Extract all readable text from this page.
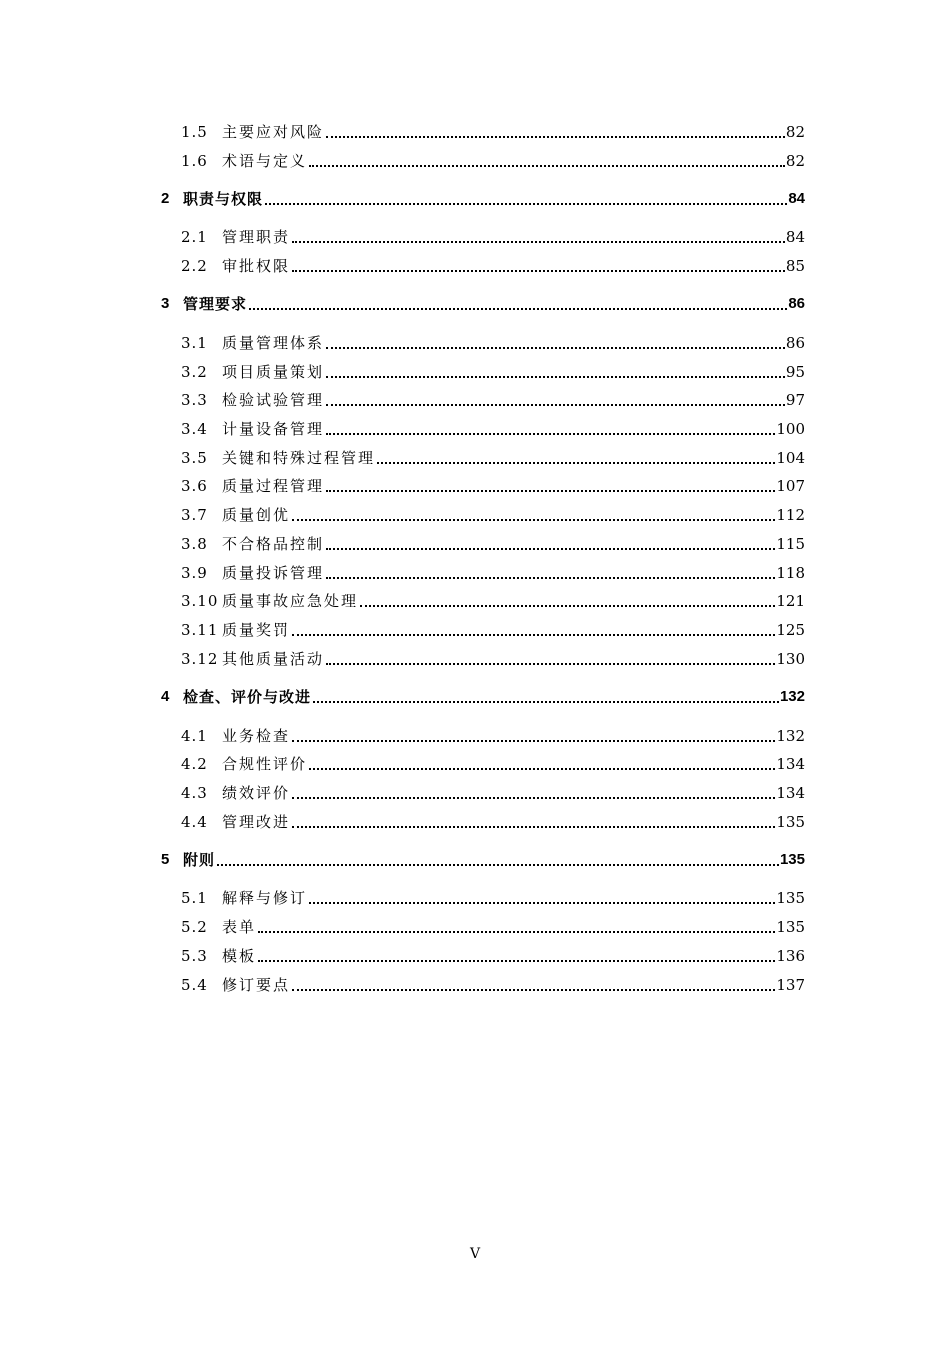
1.5 主要应对风险	82
1.6 术语与定义	82
2 职责与权限	84
2.1 管理职责	84
2.2 审批权限	85
3 管理要求	86
3.1 质量管理体系	86
3.2 项目质量策划	95
3.3 检验试验管理	97
3.4 计量设备管理	100
3.5 关键和特殊过程管理	104
3.6 质量过程管理	107
3.7 质量创优	112
3.8 不合格品控制	115
3.9 质量投诉管理	118
3.10 质量事故应急处理	121
3.11 质量奖罚	125
3.12 其他质量活动	130
4 检查、评价与改进	132
4.1 业务检查	132
4.2 合规性评价	134
4.3 绩效评价	134
4.4 管理改进	135
5 附则	135
5.1 解释与修订	135
5.2 表单	135
5.3 模板	136
5.4 修订要点	137
V
